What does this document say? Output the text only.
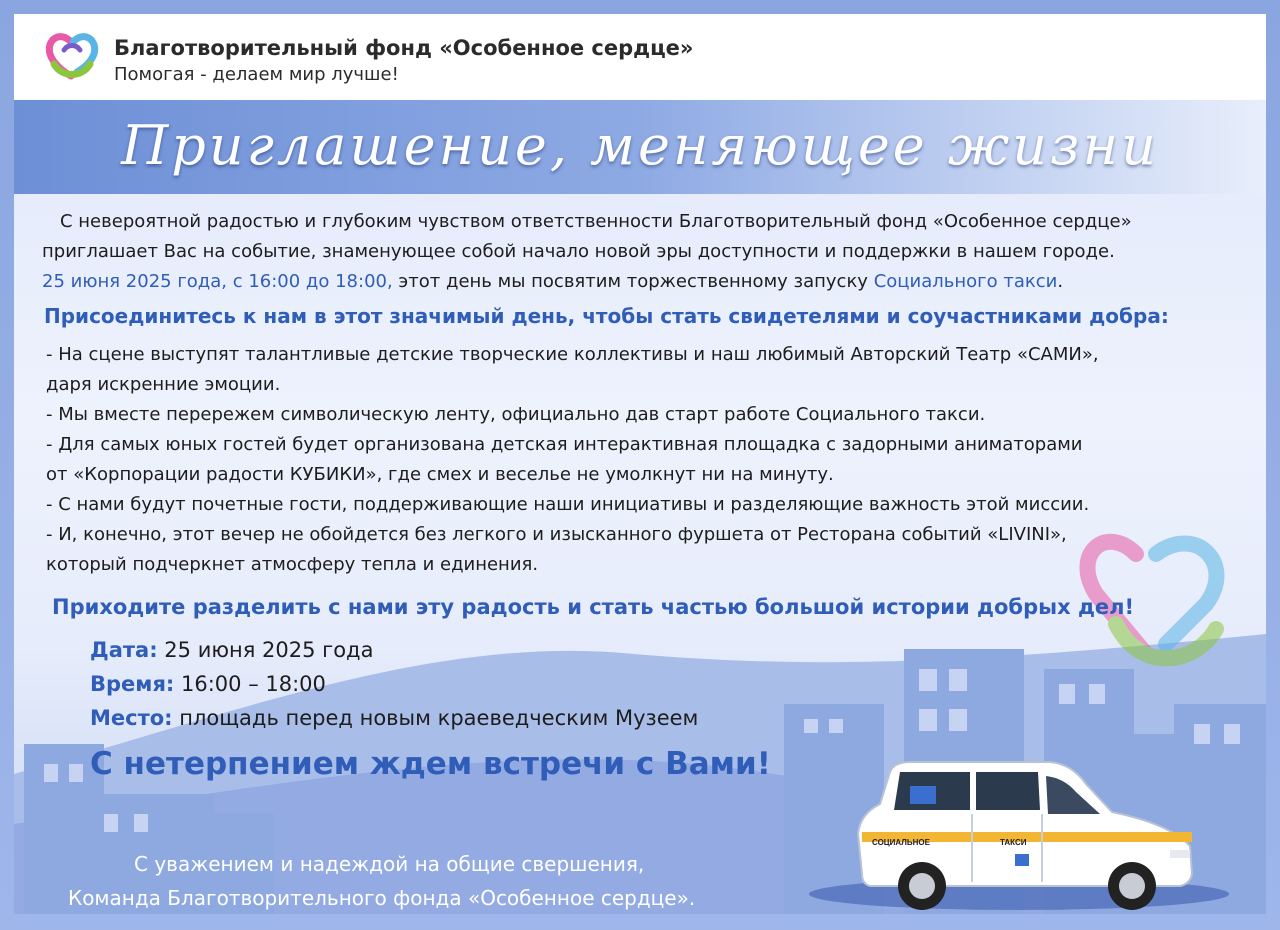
Благотворительный фонд «Особенное сердце»
Помогая - делаем мир лучше!
Приглашение, меняющее жизни
С невероятной радостью и глубоким чувством ответственности Благотворительный фонд «Особенное сердце»
приглашает Вас на событие, знаменующее собой начало новой эры доступности и поддержки в нашем городе.
25 июня 2025 года, с 16:00 до 18:00, этот день мы посвятим торжественному запуску Социального такси.
Присоединитесь к нам в этот значимый день, чтобы стать свидетелями и соучастниками добра:
- На сцене выступят талантливые детские творческие коллективы и наш любимый Авторский Театр «САМИ»,
даря искренние эмоции.
- Мы вместе перережем символическую ленту, официально дав старт работе Социального такси.
- Для самых юных гостей будет организована детская интерактивная площадка с задорными аниматорами
от «Корпорации радости КУБИКИ», где смех и веселье не умолкнут ни на минуту.
- С нами будут почетные гости, поддерживающие наши инициативы и разделяющие важность этой миссии.
- И, конечно, этот вечер не обойдется без легкого и изысканного фуршета от Ресторана событий «LIVINI»,
который подчеркнет атмосферу тепла и единения.
Приходите разделить с нами эту радость и стать частью большой истории добрых дел!
Дата: 25 июня 2025 года
Время: 16:00 – 18:00
Место: площадь перед новым краеведческим Музеем
С нетерпением ждем встречи с Вами!
С уважением и надеждой на общие свершения,
Команда Благотворительного фонда «Особенное сердце».
СОЦИАЛЬНОЕ	ТАКСИ
